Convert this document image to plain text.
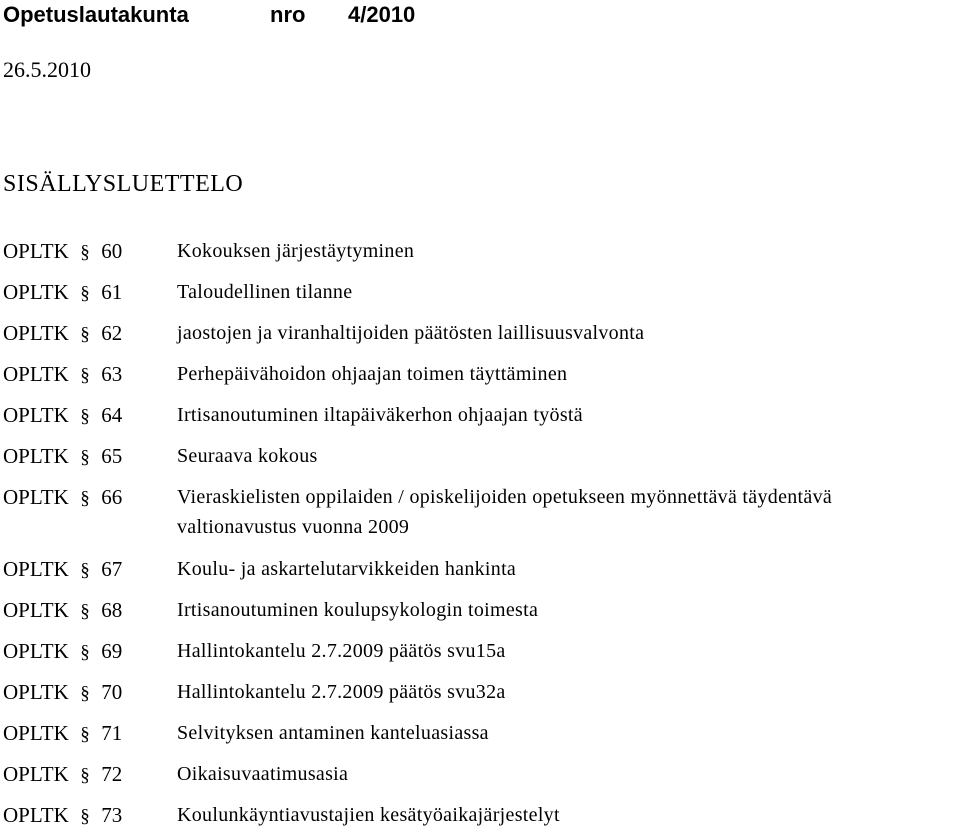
Opetuslautakunta	nro 4/2010
26.5.2010
SISÄLLYSLUETTELO
OPLTK § 60	Kokouksen järjestäytyminen
OPLTK § 61	Taloudellinen tilanne
OPLTK § 62	jaostojen ja viranhaltijoiden päätösten laillisuusvalvonta
OPLTK § 63	Perhepäivähoidon ohjaajan toimen täyttäminen
OPLTK § 64	Irtisanoutuminen iltapäiväkerhon ohjaajan työstä
OPLTK § 65	Seuraava kokous
OPLTK § 66	Vieraskielisten oppilaiden / opiskelijoiden opetukseen myönnettävä täydentävä
valtionavustus vuonna 2009
OPLTK § 67	Koulu- ja askartelutarvikkeiden hankinta
OPLTK § 68	Irtisanoutuminen koulupsykologin toimesta
OPLTK § 69	Hallintokantelu 2.7.2009 päätös svu15a
OPLTK § 70	Hallintokantelu 2.7.2009 päätös svu32a
OPLTK § 71	Selvityksen antaminen kanteluasiassa
OPLTK § 72	Oikaisuvaatimusasia
OPLTK § 73	Koulunkäyntiavustajien kesätyöaikajärjestelyt
